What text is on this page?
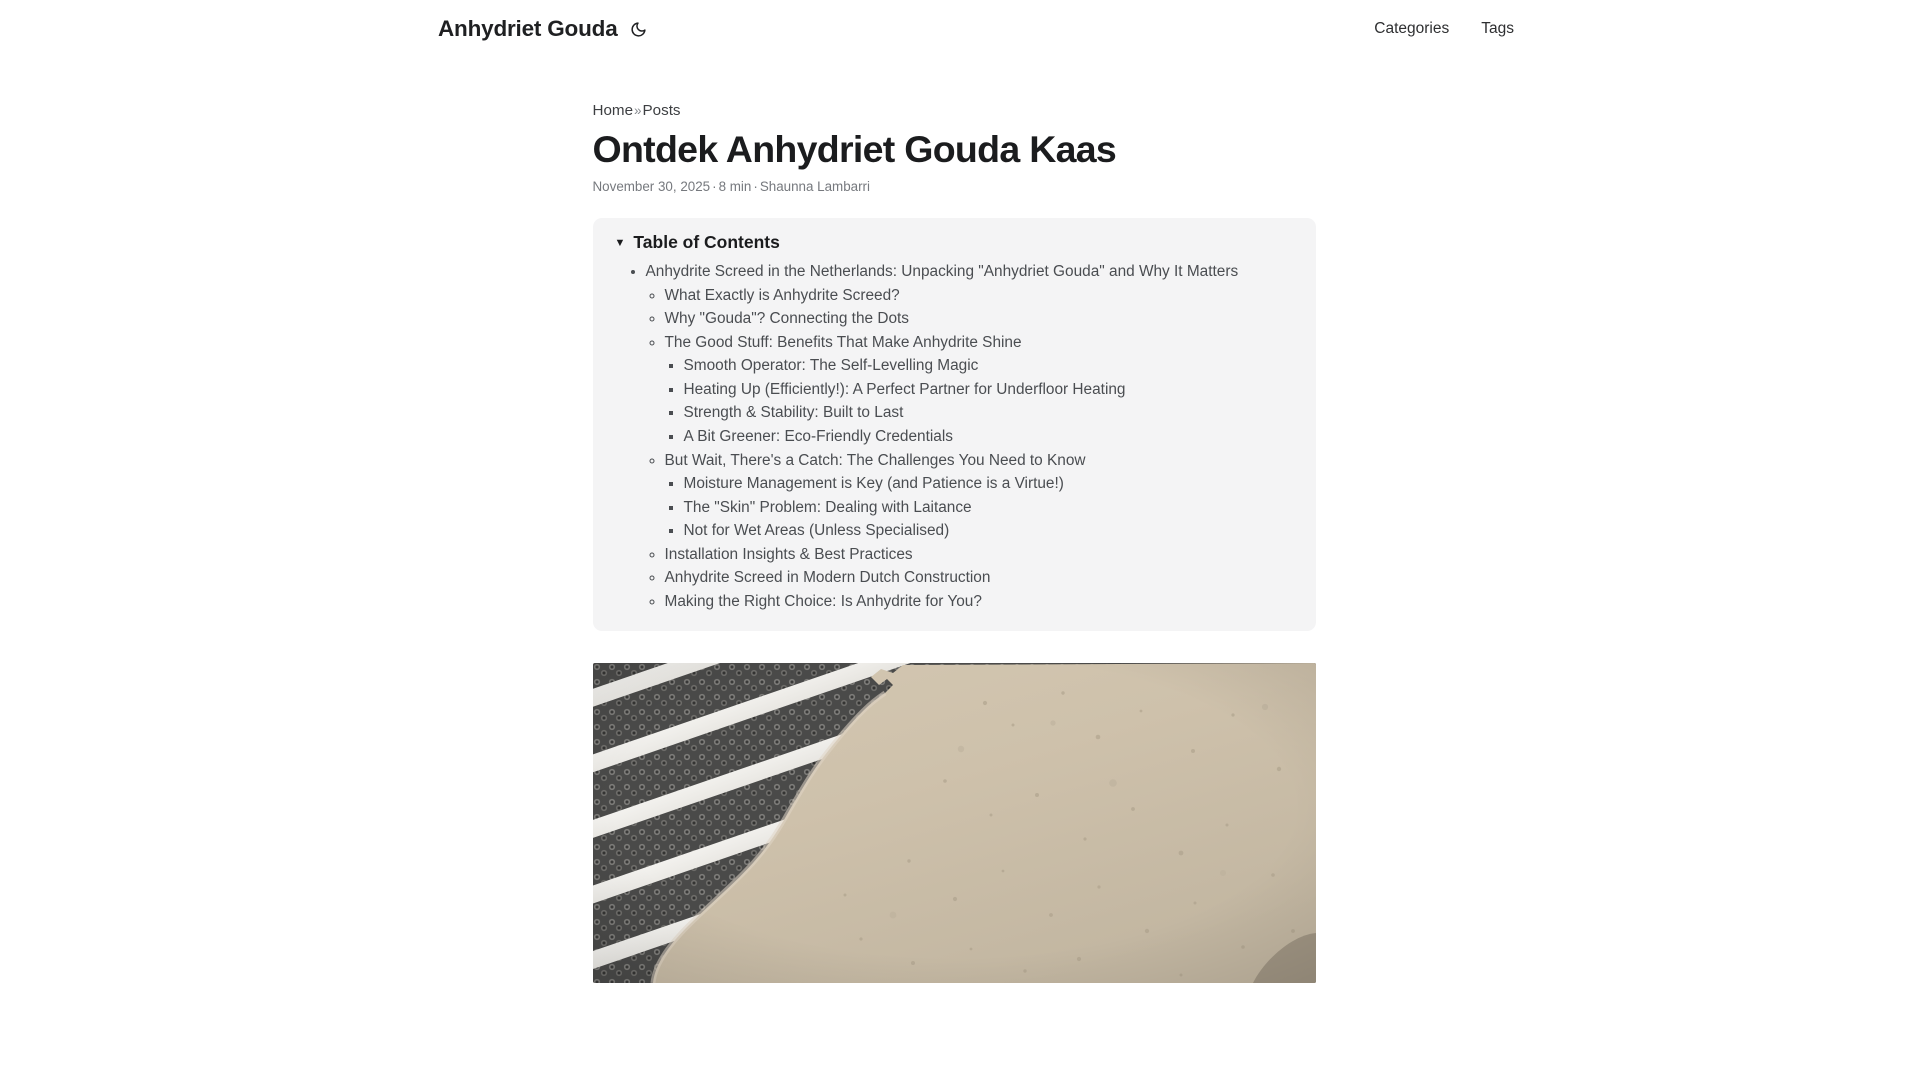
Anhydriet Gouda	Categories Tags
Home»Posts
Ontdek Anhydriet Gouda Kaas
November 30, 2025 · 8 min · Shaunna Lambarri
▼ Table of Contents
• Anhydrite Screed in the Netherlands: Unpacking "Anhydriet Gouda" and Why It Matters
◦ What Exactly is Anhydrite Screed?
◦ Why "Gouda"? Connecting the Dots
◦ The Good Stuff: Benefits That Make Anhydrite Shine
▪ Smooth Operator: The Self-Levelling Magic
▪ Heating Up (Efficiently!): A Perfect Partner for Underfloor Heating
▪ Strength & Stability: Built to Last
▪ A Bit Greener: Eco-Friendly Credentials
◦ But Wait, There's a Catch: The Challenges You Need to Know
▪ Moisture Management is Key (and Patience is a Virtue!)
▪ The "Skin" Problem: Dealing with Laitance
▪ Not for Wet Areas (Unless Specialised)
◦ Installation Insights & Best Practices
◦ Anhydrite Screed in Modern Dutch Construction
◦ Making the Right Choice: Is Anhydrite for You?
